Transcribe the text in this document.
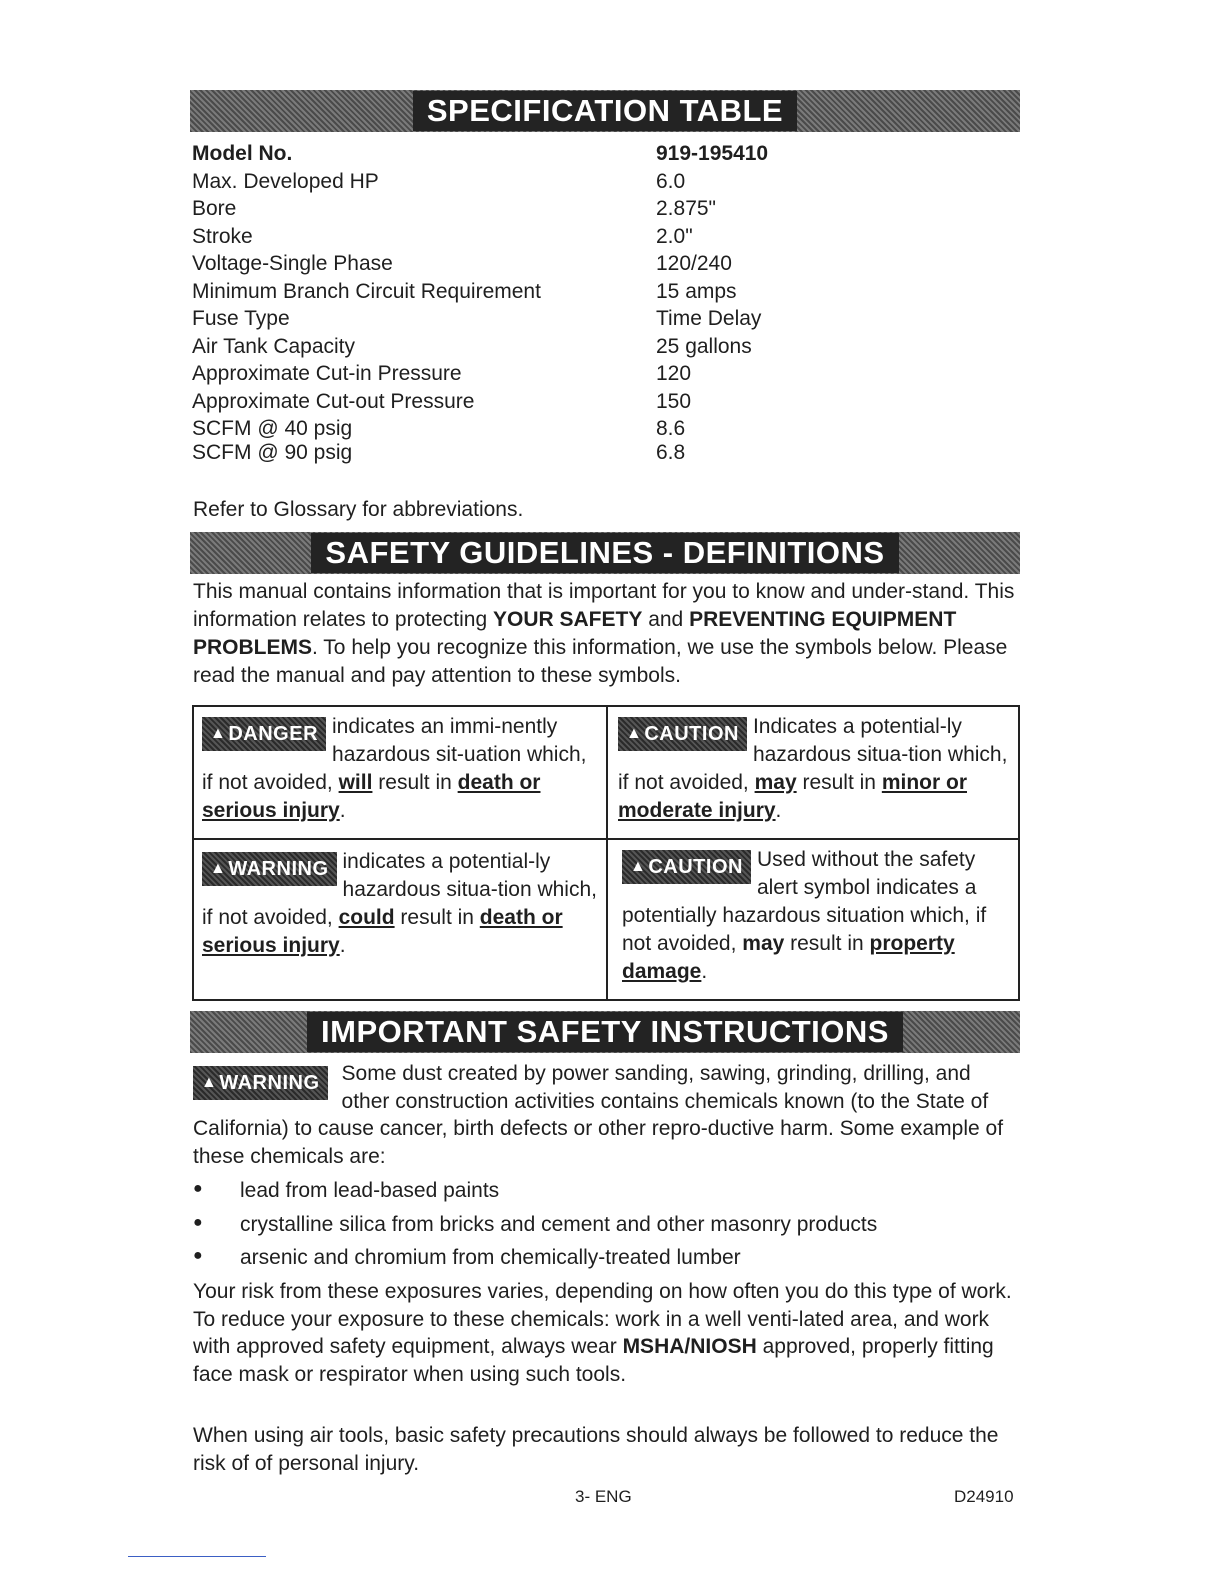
SPECIFICATION TABLE
Model No.	919-195410
Max. Developed HP	6.0
Bore	2.875"
Stroke	2.0"
Voltage-Single Phase	120/240
Minimum Branch Circuit Requirement	15 amps
Fuse Type	Time Delay
Air Tank Capacity	25 gallons
Approximate Cut-in Pressure	120
Approximate Cut-out Pressure	150
SCFM @ 40 psig	8.6
SCFM @ 90 psig	6.8
Refer to Glossary for abbreviations.
SAFETY GUIDELINES - DEFINITIONS
This manual contains information that is important for you to know and under-stand. This information relates to protecting YOUR SAFETY and PREVENTING EQUIPMENT PROBLEMS. To help you recognize this information, we use the symbols below. Please read the manual and pay attention to these symbols.
▲ DANGER indicates an immi-nently hazardous sit-uation which, if not avoided, will result in death or serious injury.
▲ CAUTION Indicates a potential-ly hazardous situa-tion which, if not avoided, may result in minor or moderate injury.
▲ WARNING indicates a potential-ly hazardous situa-tion which, if not avoided, could result in death or serious injury.
▲ CAUTION Used without the safety alert symbol indicates a potentially hazardous situation which, if not avoided, may result in property damage.
IMPORTANT SAFETY INSTRUCTIONS
▲ WARNING Some dust created by power sanding, sawing, grinding, drilling, and other construction activities contains chemicals known (to the State of California) to cause cancer, birth defects or other repro-ductive harm. Some example of these chemicals are:
● lead from lead-based paints
● crystalline silica from bricks and cement and other masonry products
● arsenic and chromium from chemically-treated lumber
Your risk from these exposures varies, depending on how often you do this type of work. To reduce your exposure to these chemicals: work in a well venti-lated area, and work with approved safety equipment, always wear MSHA/NIOSH approved, properly fitting face mask or respirator when using such tools.
When using air tools, basic safety precautions should always be followed to reduce the risk of of personal injury.
3- ENG	D24910
